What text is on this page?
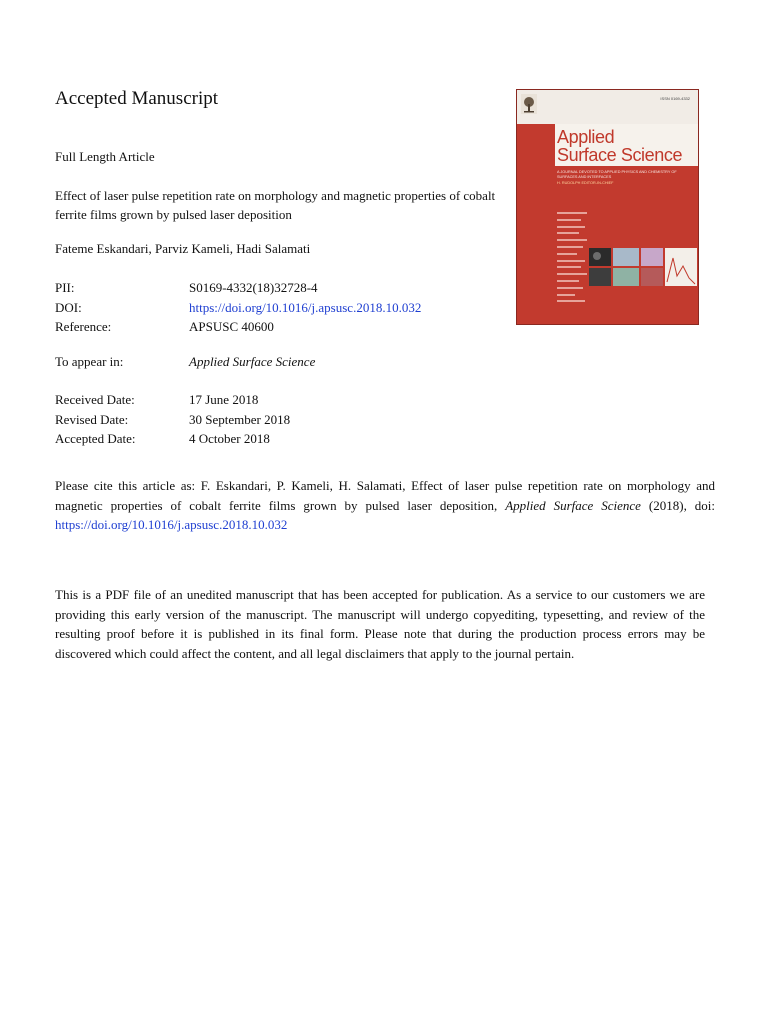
Accepted Manuscript
Full Length Article
Effect of laser pulse repetition rate on morphology and magnetic properties of cobalt ferrite films grown by pulsed laser deposition
Fateme Eskandari, Parviz Kameli, Hadi Salamati
PII:	S0169-4332(18)32728-4
DOI:	https://doi.org/10.1016/j.apsusc.2018.10.032
Reference:	APSUSC 40600
To appear in:	Applied Surface Science
Received Date:	17 June 2018
Revised Date:	30 September 2018
Accepted Date:	4 October 2018
Please cite this article as: F. Eskandari, P. Kameli, H. Salamati, Effect of laser pulse repetition rate on morphology and magnetic properties of cobalt ferrite films grown by pulsed laser deposition, Applied Surface Science (2018), doi: https://doi.org/10.1016/j.apsusc.2018.10.032
This is a PDF file of an unedited manuscript that has been accepted for publication. As a service to our customers we are providing this early version of the manuscript. The manuscript will undergo copyediting, typesetting, and review of the resulting proof before it is published in its final form. Please note that during the production process errors may be discovered which could affect the content, and all legal disclaimers that apply to the journal pertain.
ISSN 0169-4332
Applied
Surface Science
A JOURNAL DEVOTED TO APPLIED PHYSICS AND CHEMISTRY OF SURFACES AND INTERFACES
H. RUDOLPH EDITOR-IN-CHIEF
